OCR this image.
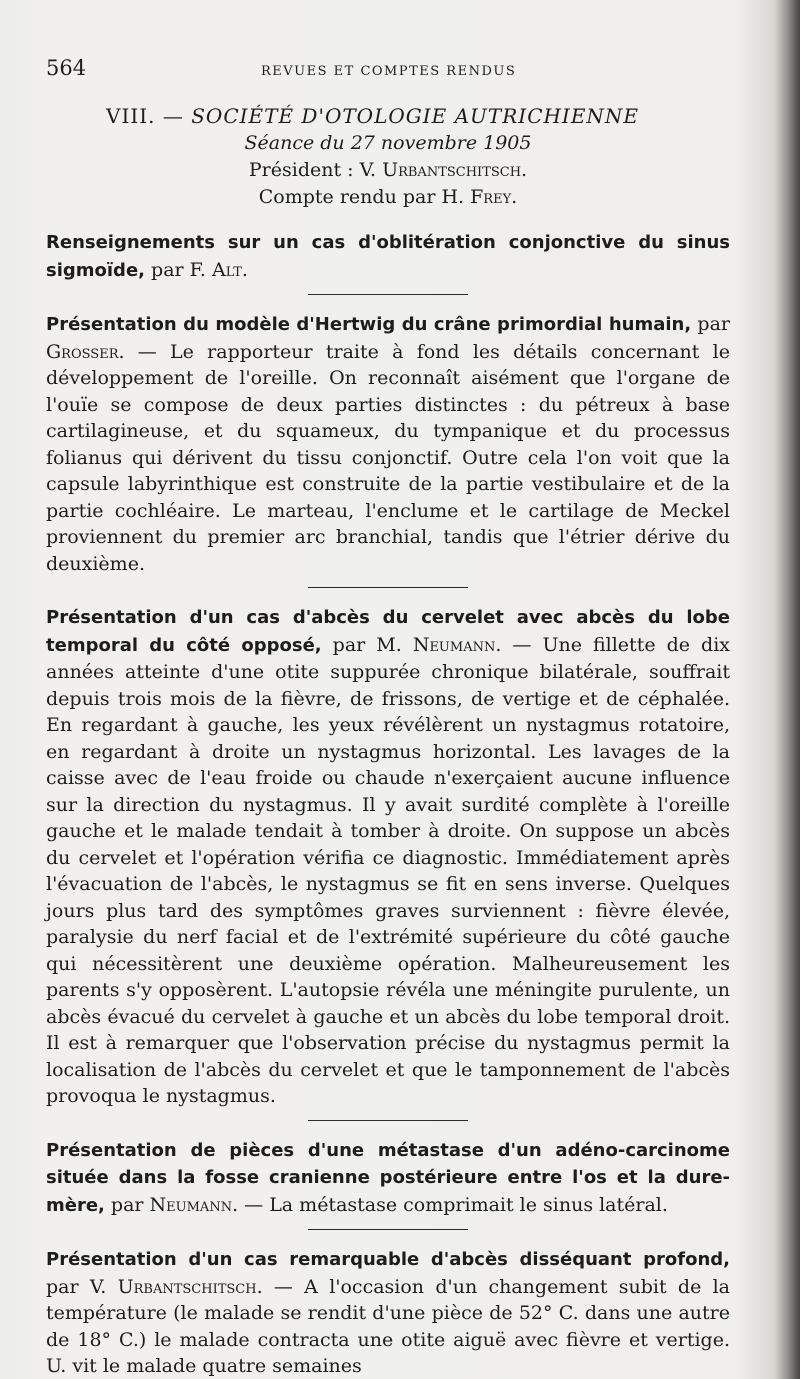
564	REVUES ET COMPTES RENDUS
VIII. — SOCIÉTÉ D'OTOLOGIE AUTRICHIENNE
Séance du 27 novembre 1905
Président : V. Urbantschitsch.
Compte rendu par H. Frey.
Renseignements sur un cas d'oblitération conjonctive du sinus sigmoïde, par F. Alt.
Présentation du modèle d'Hertwig du crâne primordial humain, par Grosser. — Le rapporteur traite à fond les détails concernant le développement de l'oreille. On reconnaît aisément que l'organe de l'ouïe se compose de deux parties distinctes : du pétreux à base cartilagineuse, et du squameux, du tympanique et du processus folianus qui dérivent du tissu conjonctif. Outre cela l'on voit que la capsule labyrinthique est construite de la partie vestibulaire et de la partie cochléaire. Le marteau, l'enclume et le cartilage de Meckel proviennent du premier arc branchial, tandis que l'étrier dérive du deuxième.
Présentation d'un cas d'abcès du cervelet avec abcès du lobe temporal du côté opposé, par M. Neumann. — Une fillette de dix années atteinte d'une otite suppurée chronique bilatérale, souffrait depuis trois mois de la fièvre, de frissons, de vertige et de céphalée. En regardant à gauche, les yeux révélèrent un nystagmus rotatoire, en regardant à droite un nystagmus horizontal. Les lavages de la caisse avec de l'eau froide ou chaude n'exerçaient aucune influence sur la direction du nystagmus. Il y avait surdité complète à l'oreille gauche et le malade tendait à tomber à droite. On suppose un abcès du cervelet et l'opération vérifia ce diagnostic. Immédiatement après l'évacuation de l'abcès, le nystagmus se fit en sens inverse. Quelques jours plus tard des symptômes graves surviennent : fièvre élevée, paralysie du nerf facial et de l'extrémité supérieure du côté gauche qui nécessitèrent une deuxième opération. Malheureusement les parents s'y opposèrent. L'autopsie révéla une méningite purulente, un abcès évacué du cervelet à gauche et un abcès du lobe temporal droit. Il est à remarquer que l'observation précise du nystagmus permit la localisation de l'abcès du cervelet et que le tamponnement de l'abcès provoqua le nystagmus.
Présentation de pièces d'une métastase d'un adéno-carcinome située dans la fosse cranienne postérieure entre l'os et la dure-mère, par Neumann. — La métastase comprimait le sinus latéral.
Présentation d'un cas remarquable d'abcès disséquant profond, par V. Urbantschitsch. — A l'occasion d'un changement subit de la température (le malade se rendit d'une pièce de 52° C. dans une autre de 18° C.) le malade contracta une otite aiguë avec fièvre et vertige. U. vit le malade quatre semaines
